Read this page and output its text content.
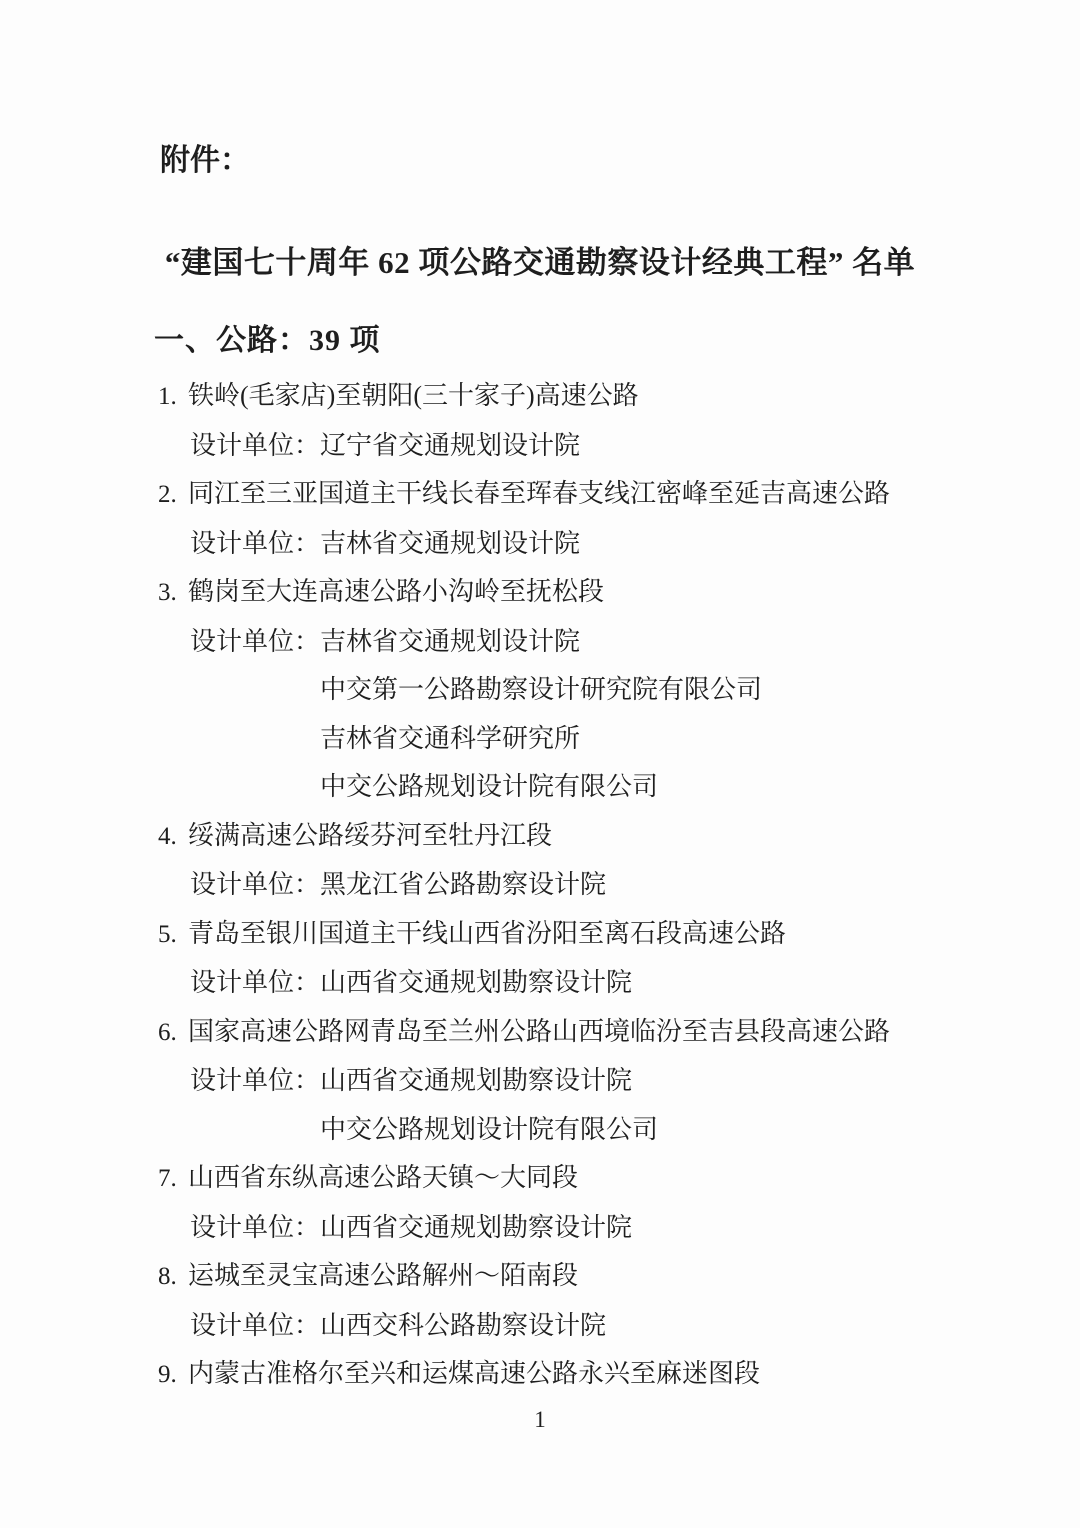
附件：
“建国七十周年 62 项公路交通勘察设计经典工程” 名单
一、公路：39 项
1. 铁岭(毛家店)至朝阳(三十家子)高速公路
设计单位：辽宁省交通规划设计院
2. 同江至三亚国道主干线长春至珲春支线江密峰至延吉高速公路
设计单位：吉林省交通规划设计院
3. 鹤岗至大连高速公路小沟岭至抚松段
设计单位：吉林省交通规划设计院
中交第一公路勘察设计研究院有限公司
吉林省交通科学研究所
中交公路规划设计院有限公司
4. 绥满高速公路绥芬河至牡丹江段
设计单位：黑龙江省公路勘察设计院
5. 青岛至银川国道主干线山西省汾阳至离石段高速公路
设计单位：山西省交通规划勘察设计院
6. 国家高速公路网青岛至兰州公路山西境临汾至吉县段高速公路
设计单位：山西省交通规划勘察设计院
中交公路规划设计院有限公司
7. 山西省东纵高速公路天镇～大同段
设计单位：山西省交通规划勘察设计院
8. 运城至灵宝高速公路解州～陌南段
设计单位：山西交科公路勘察设计院
9. 内蒙古准格尔至兴和运煤高速公路永兴至麻迷图段
1
